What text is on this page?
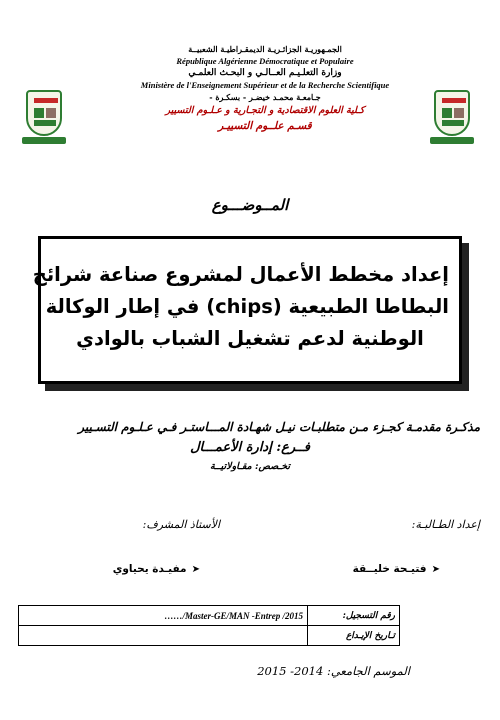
الجمـهوريـة الجزائـريـة الديمقـراطيـة الشعبيــة
République Algérienne Démocratique et Populaire
وزارة التعلـيـم العــالـي و البحـث العلمـي
Ministère de l'Enseignement Supérieur et de la Recherche Scientifique
جـامعـة محمـد خيضـر - بسكـرة -
كـلية العلوم الاقتصادية و التجـارية و عـلـوم التسيير
قسـم علــوم التسييـر
المــوضـــوع
إعداد مخطط الأعمال لمشروع صناعة شرائح
البطاطا الطبيعية (chips) في إطار الوكالة
الوطنية لدعم تشغيل الشباب بالوادي
مذكـرة مقدمـة كجـزء مـن متطلبـات نيـل شهـادة المـــاستـر فـي عـلـوم التسـيير
فــرع: إدارة الأعمـــال
تخـصص: مقـاولاتيــة
إعداد الطـالبـة:
الأستاذ المشرف:
➤ فتيـحة خليــقة
➤ مفيـدة يحياوي
……/Master-GE/MAN -Entrep /2015	رقم التسجيل:
	تـاريخ الإيـداع
الموسم الجامعي: 2014- 2015
